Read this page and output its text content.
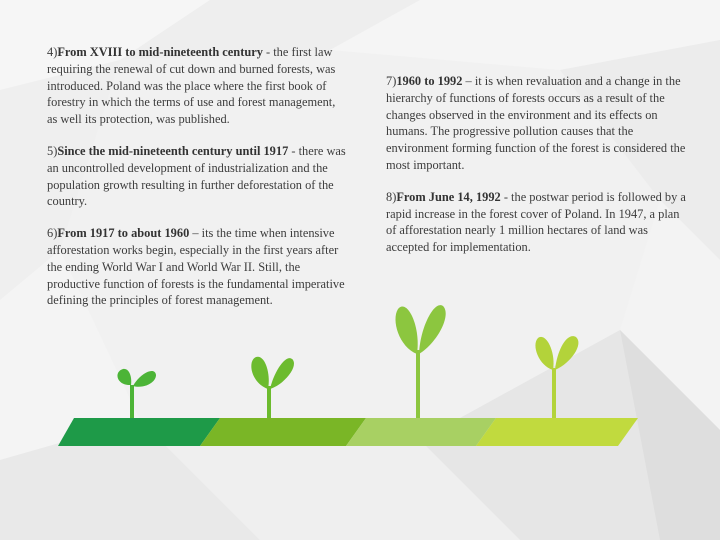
4)From XVIII to mid-nineteenth century - the first law requiring the renewal of cut down and burned forests, was introduced. Poland was the place where the first book of forestry in which the terms of use and forest management, as well its protection, was published.

5)Since the mid-nineteenth century until 1917 - there was an uncontrolled development of industrialization and the population growth resulting in further deforestation of the country.

6)From 1917 to about 1960 – its the time when intensive afforestation works begin, especially in the first years after the ending World War I and World War II. Still, the productive function of forests is the fundamental imperative defining the principles of forest management.

7)1960 to 1992 – it is when revaluation and a change in the hierarchy of functions of forests occurs as a result of the changes observed in the environment and its effects on humans. The progressive pollution causes that the environment forming function of the forest is considered the most important.

8)From June 14, 1992 - the postwar period is followed by a rapid increase in the forest cover of Poland. In 1947, a plan of afforestation nearly 1 million hectares of land was accepted for implementation.
